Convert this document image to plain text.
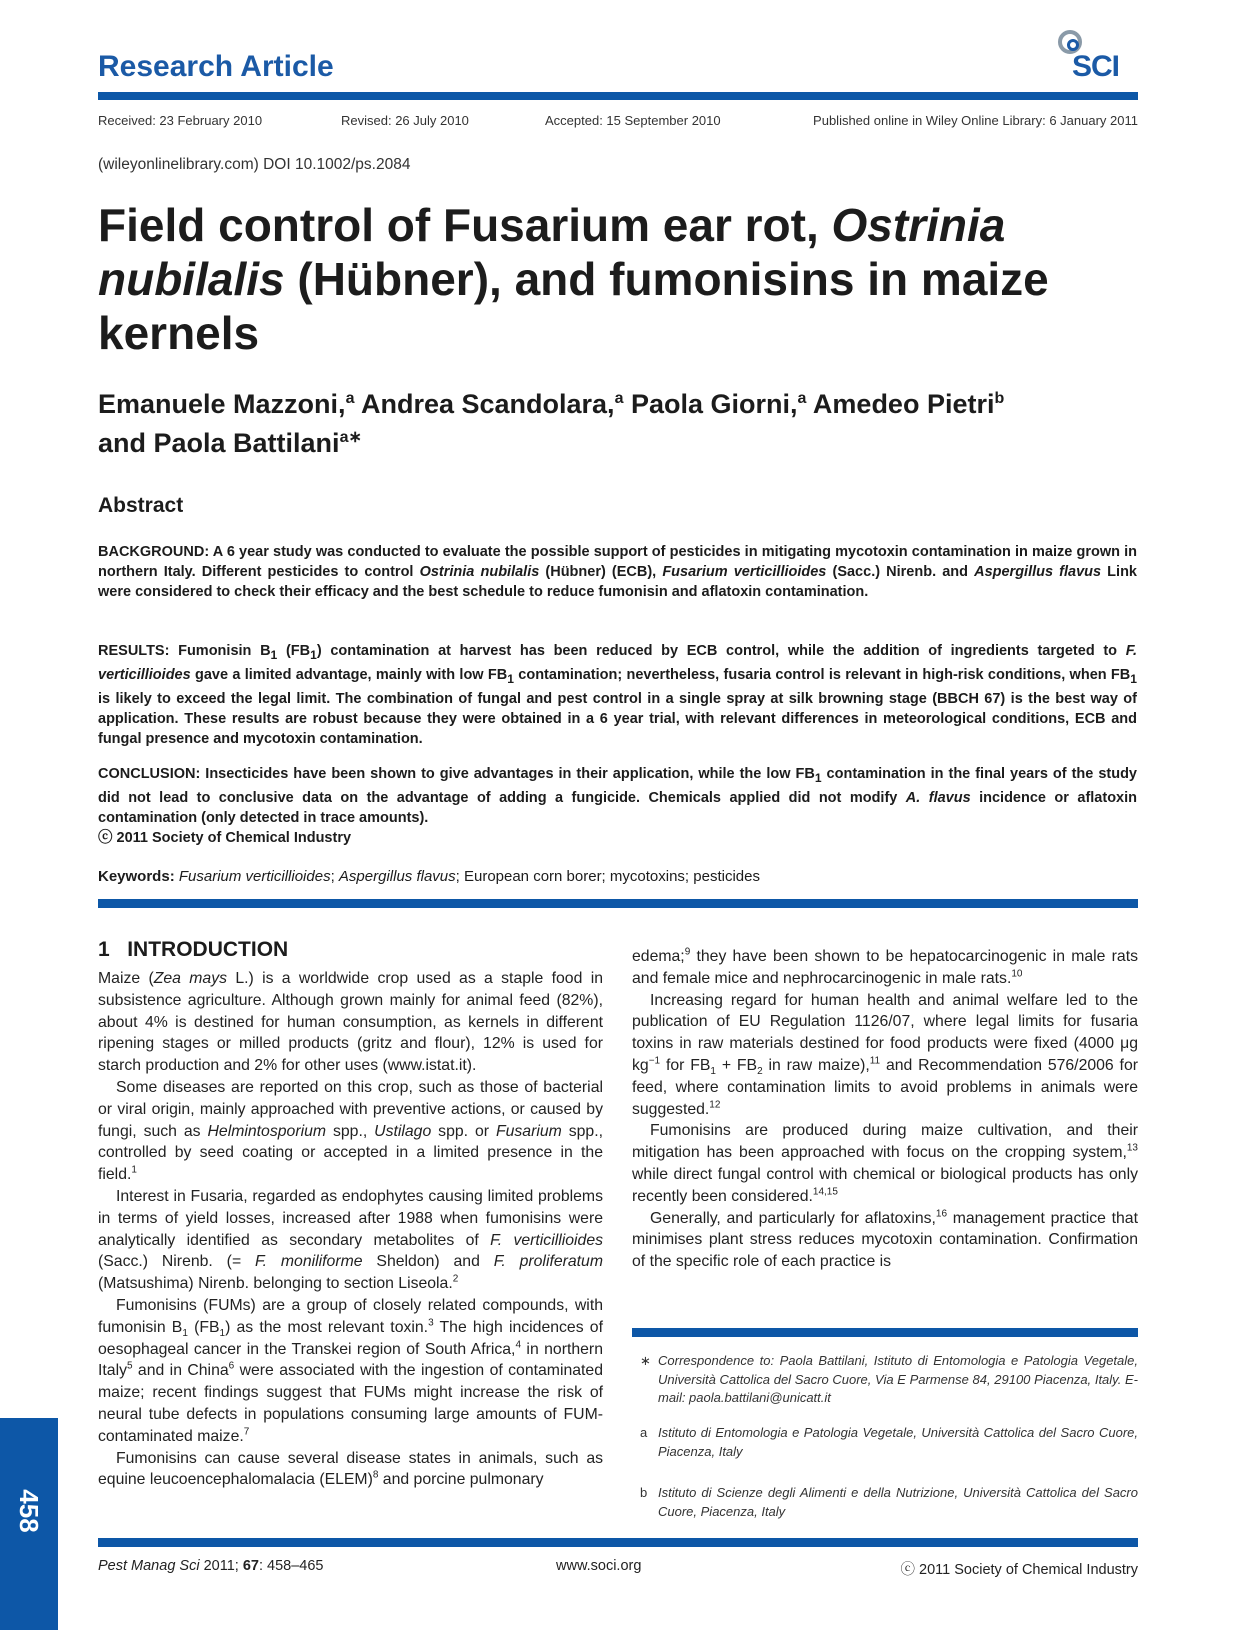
Research Article	SCI
Received: 23 February 2010	Revised: 26 July 2010	Accepted: 15 September 2010	Published online in Wiley Online Library: 6 January 2011
(wileyonlinelibrary.com) DOI 10.1002/ps.2084
Field control of Fusarium ear rot, Ostrinia nubilalis (Hübner), and fumonisins in maize kernels
Emanuele Mazzoni,$^a$ Andrea Scandolara,$^a$ Paola Giorni,$^a$ Amedeo Pietri$^b$
and Paola Battilani$^{a∗}$
Abstract
BACKGROUND: A 6 year study was conducted to evaluate the possible support of pesticides in mitigating mycotoxin contamination in maize grown in northern Italy. Different pesticides to control Ostrinia nubilalis (Hübner) (ECB), Fusarium verticillioides (Sacc.) Nirenb. and Aspergillus flavus Link were considered to check their efficacy and the best schedule to reduce fumonisin and aflatoxin contamination.
RESULTS: Fumonisin $B_1$ $(FB_1)$ contamination at harvest has been reduced by ECB control, while the addition of ingredients targeted to F. verticillioides gave a limited advantage, mainly with low $FB_1$ contamination; nevertheless, fusaria control is relevant in high-risk conditions, when $FB_1$ is likely to exceed the legal limit. The combination of fungal and pest control in a single spray at silk browning stage (BBCH 67) is the best way of application. These results are robust because they were obtained in a 6 year trial, with relevant differences in meteorological conditions, ECB and fungal presence and mycotoxin contamination.
CONCLUSION: Insecticides have been shown to give advantages in their application, while the low $FB_1$ contamination in the final years of the study did not lead to conclusive data on the advantage of adding a fungicide. Chemicals applied did not modify A. flavus incidence or aflatoxin contamination (only detected in trace amounts).
ⓒ 2011 Society of Chemical Industry
Keywords: Fusarium verticillioides; Aspergillus flavus; European corn borer; mycotoxins; pesticides
1 INTRODUCTION

Maize (Zea mays L.) is a worldwide crop used as a staple food in subsistence agriculture. Although grown mainly for animal feed (82%), about 4% is destined for human consumption, as kernels in different ripening stages or milled products (gritz and flour), 12% is used for starch production and 2% for other uses (www.istat.it).

Some diseases are reported on this crop, such as those of bacterial or viral origin, mainly approached with preventive actions, or caused by fungi, such as Helmintosporium spp., Ustilago spp. or Fusarium spp., controlled by seed coating or accepted in a limited presence in the field.$^1$

Interest in Fusaria, regarded as endophytes causing limited problems in terms of yield losses, increased after 1988 when fumonisins were analytically identified as secondary metabolites of F. verticillioides (Sacc.) Nirenb. (= F. moniliforme Sheldon) and F. proliferatum (Matsushima) Nirenb. belonging to section Liseola.$^2$

Fumonisins (FUMs) are a group of closely related compounds, with fumonisin $B_1$ $(FB_1)$ as the most relevant toxin.$^3$ The high incidences of oesophageal cancer in the Transkei region of South Africa,$^4$ in northern Italy$^5$ and in China$^6$ were associated with the ingestion of contaminated maize; recent findings suggest that FUMs might increase the risk of neural tube defects in populations consuming large amounts of FUM-contaminated maize.$^7$

Fumonisins can cause several disease states in animals, such as equine leucoencephalomalacia (ELEM)$^8$ and porcine pulmonary

edema;$^9$ they have been shown to be hepatocarcinogenic in male rats and female mice and nephrocarcinogenic in male rats.$^{10}$

Increasing regard for human health and animal welfare led to the publication of EU Regulation 1126/07, where legal limits for fusaria toxins in raw materials destined for food products were fixed (4000 μg $kg^{-1}$ for $FB_1 + FB_2$ in raw maize),$^{11}$ and Recommendation 576/2006 for feed, where contamination limits to avoid problems in animals were suggested.$^{12}$

Fumonisins are produced during maize cultivation, and their mitigation has been approached with focus on the cropping system,$^{13}$ while direct fungal control with chemical or biological products has only recently been considered.$^{14,15}$

Generally, and particularly for aflatoxins,$^{16}$ management practice that minimises plant stress reduces mycotoxin contamination. Confirmation of the specific role of each practice is

∗ Correspondence to: Paola Battilani, Istituto di Entomologia e Patologia Vegetale, Università Cattolica del Sacro Cuore, Via E Parmense 84, 29100 Piacenza, Italy. E-mail: paola.battilani@unicatt.it
a Istituto di Entomologia e Patologia Vegetale, Università Cattolica del Sacro Cuore, Piacenza, Italy
b Istituto di Scienze degli Alimenti e della Nutrizione, Università Cattolica del Sacro Cuore, Piacenza, Italy
Pest Manag Sci 2011; 67: 458–465	www.soci.org	ⓒ 2011 Society of Chemical Industry
458
